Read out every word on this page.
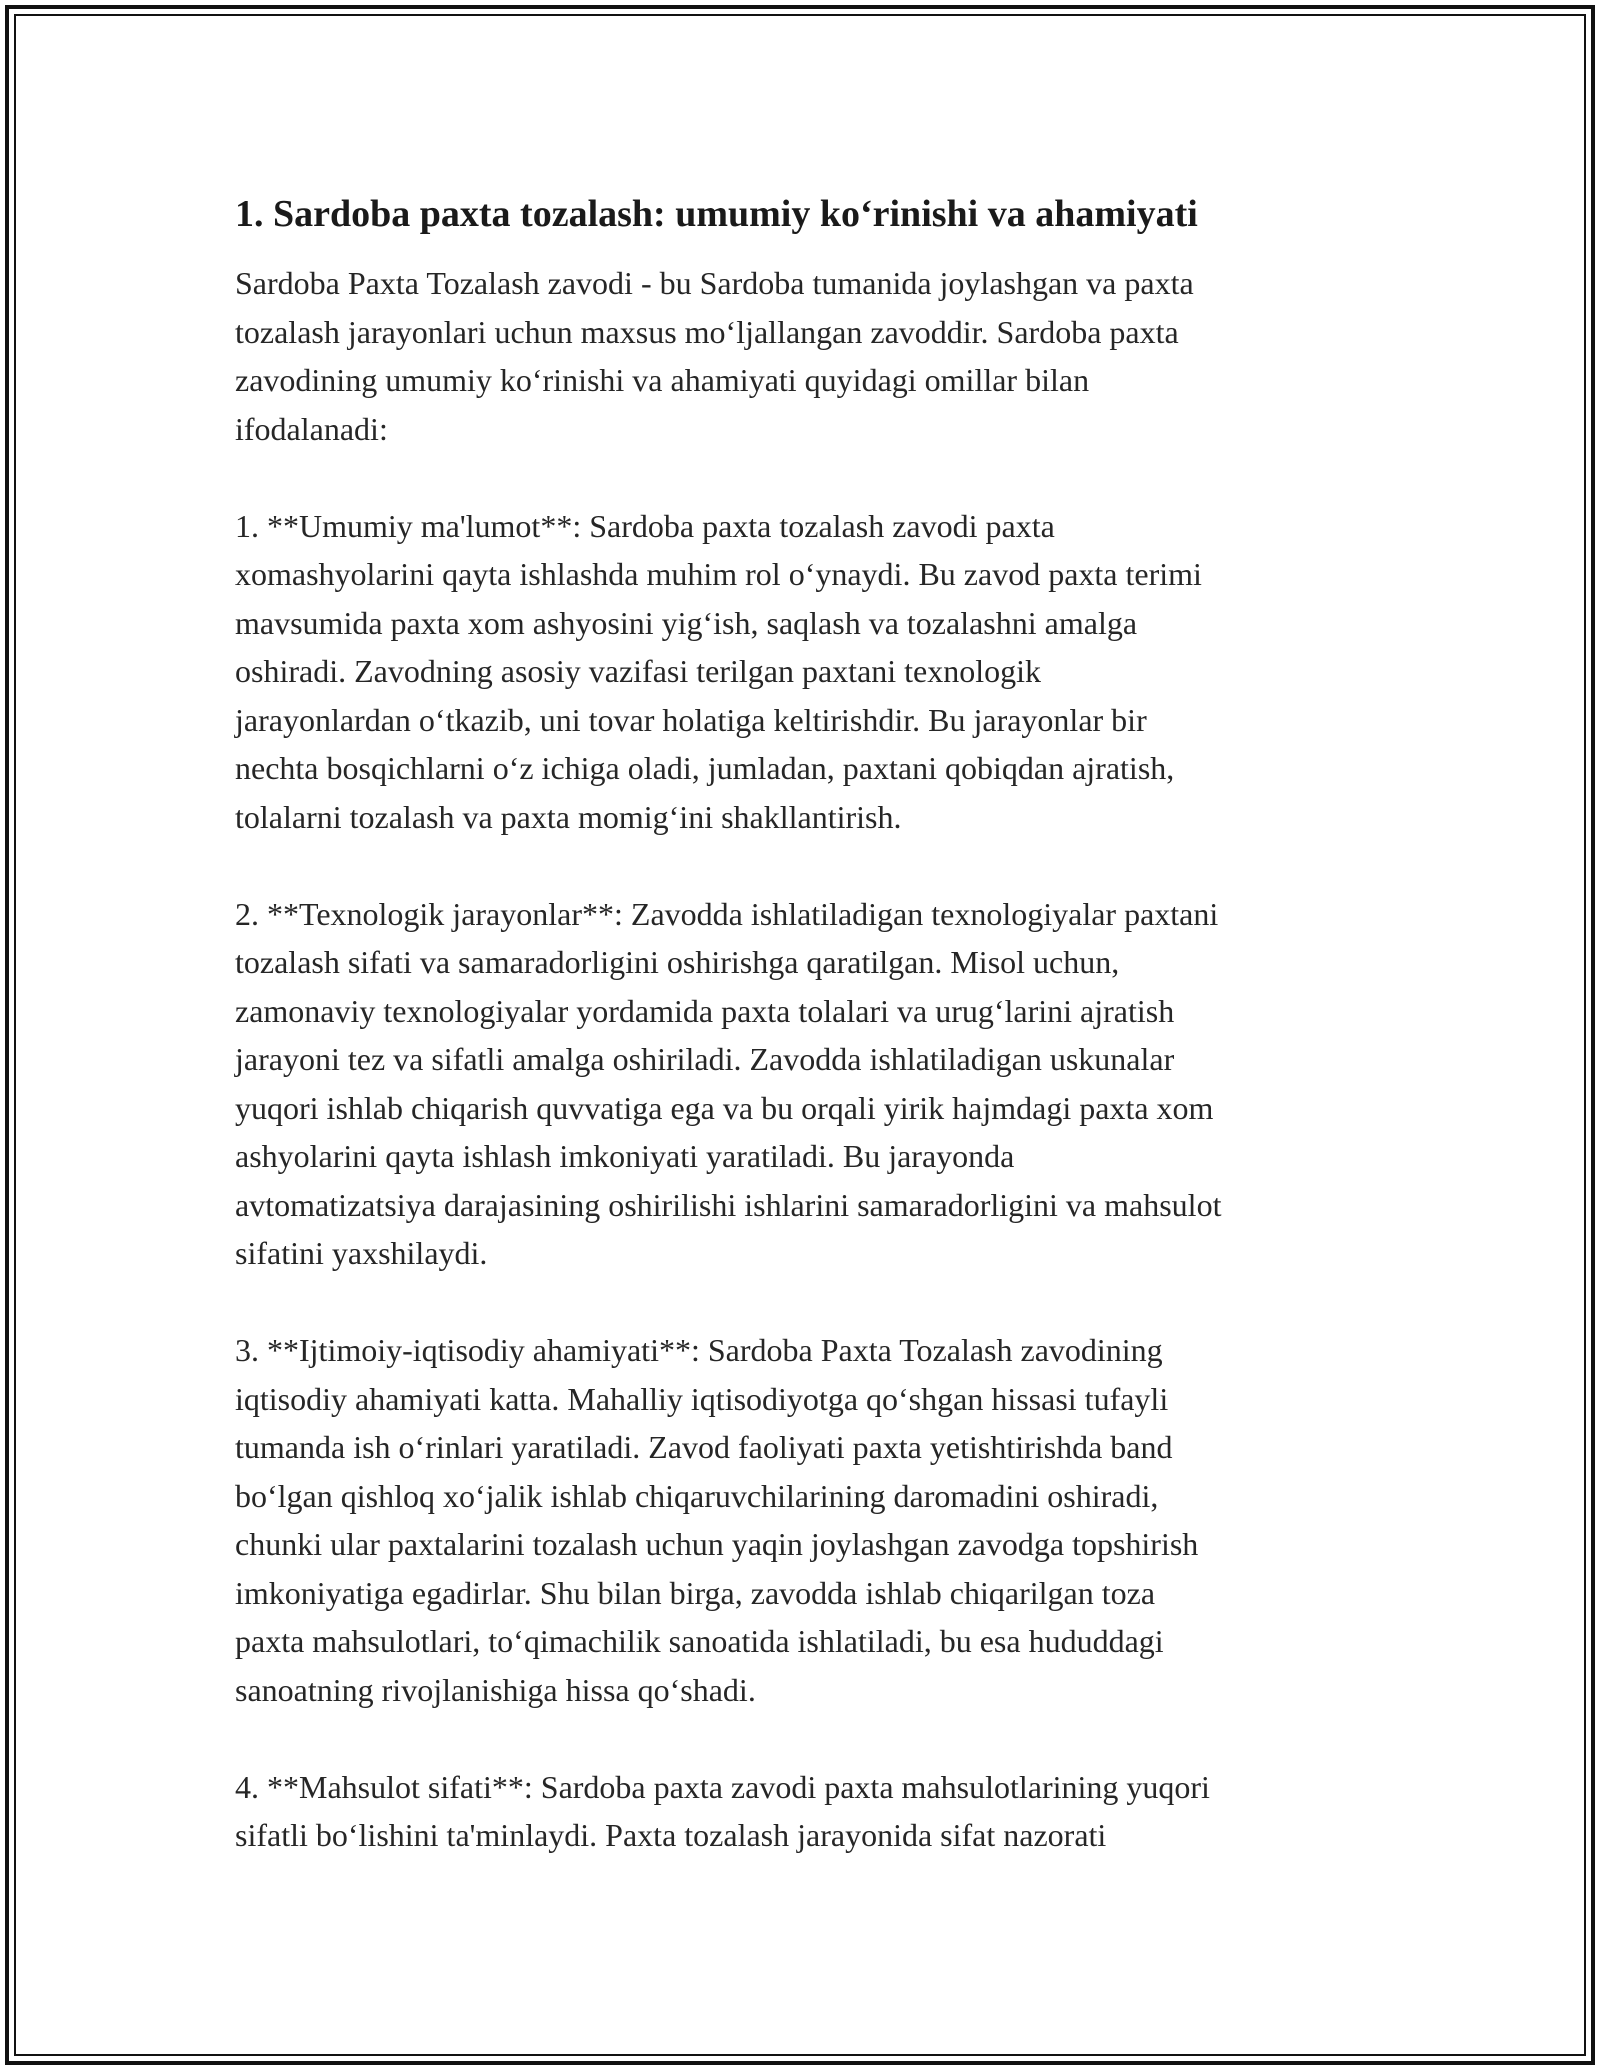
1. Sardoba paxta tozalash: umumiy ko‘rinishi va ahamiyati

Sardoba Paxta Tozalash zavodi - bu Sardoba tumanida joylashgan va paxta
tozalash jarayonlari uchun maxsus mo‘ljallangan zavoddir. Sardoba paxta
zavodining umumiy ko‘rinishi va ahamiyati quyidagi omillar bilan
ifodalanadi:

1. **Umumiy ma'lumot**: Sardoba paxta tozalash zavodi paxta
xomashyolarini qayta ishlashda muhim rol o‘ynaydi. Bu zavod paxta terimi
mavsumida paxta xom ashyosini yig‘ish, saqlash va tozalashni amalga
oshiradi. Zavodning asosiy vazifasi terilgan paxtani texnologik
jarayonlardan o‘tkazib, uni tovar holatiga keltirishdir. Bu jarayonlar bir
nechta bosqichlarni o‘z ichiga oladi, jumladan, paxtani qobiqdan ajratish,
tolalarni tozalash va paxta momig‘ini shakllantirish.

2. **Texnologik jarayonlar**: Zavodda ishlatiladigan texnologiyalar paxtani
tozalash sifati va samaradorligini oshirishga qaratilgan. Misol uchun,
zamonaviy texnologiyalar yordamida paxta tolalari va urug‘larini ajratish
jarayoni tez va sifatli amalga oshiriladi. Zavodda ishlatiladigan uskunalar
yuqori ishlab chiqarish quvvatiga ega va bu orqali yirik hajmdagi paxta xom
ashyolarini qayta ishlash imkoniyati yaratiladi. Bu jarayonda
avtomatizatsiya darajasining oshirilishi ishlarini samaradorligini va mahsulot
sifatini yaxshilaydi.

3. **Ijtimoiy-iqtisodiy ahamiyati**: Sardoba Paxta Tozalash zavodining
iqtisodiy ahamiyati katta. Mahalliy iqtisodiyotga qo‘shgan hissasi tufayli
tumanda ish o‘rinlari yaratiladi. Zavod faoliyati paxta yetishtirishda band
bo‘lgan qishloq xo‘jalik ishlab chiqaruvchilarining daromadini oshiradi,
chunki ular paxtalarini tozalash uchun yaqin joylashgan zavodga topshirish
imkoniyatiga egadirlar. Shu bilan birga, zavodda ishlab chiqarilgan toza
paxta mahsulotlari, to‘qimachilik sanoatida ishlatiladi, bu esa hududdagi
sanoatning rivojlanishiga hissa qo‘shadi.

4. **Mahsulot sifati**: Sardoba paxta zavodi paxta mahsulotlarining yuqori
sifatli bo‘lishini ta'minlaydi. Paxta tozalash jarayonida sifat nazorati
